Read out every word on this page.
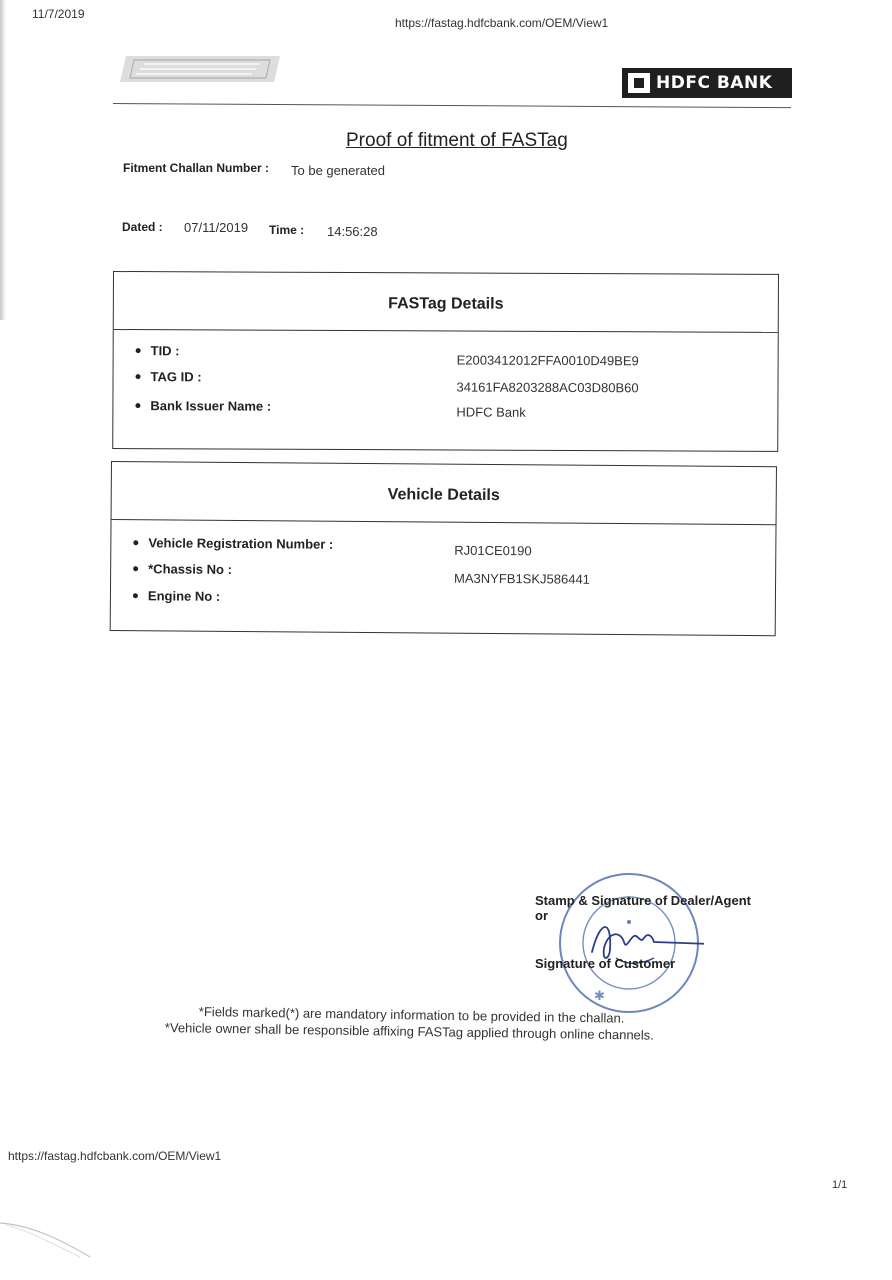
11/7/2019
https://fastag.hdfcbank.com/OEM/View1
HDFC BANK
Proof of fitment of FASTag
Fitment Challan Number : To be generated
Dated : 07/11/2019 Time : 14:56:28
FASTag Details
TID :
E2003412012FFA0010D49BE9
TAG ID :
34161FA8203288AC03D80B60
Bank Issuer Name :	HDFC Bank
Vehicle Details
Vehicle Registration Number :	RJ01CE0190
*Chassis No :
MA3NYFB1SKJ586441
Engine No :
✱
Stamp & Signature of Dealer/Agent
or
Signature of Customer
*Fields marked(*) are mandatory information to be provided in the challan.
*Vehicle owner shall be responsible affixing FASTag applied through online channels.
https://fastag.hdfcbank.com/OEM/View1
1/1
